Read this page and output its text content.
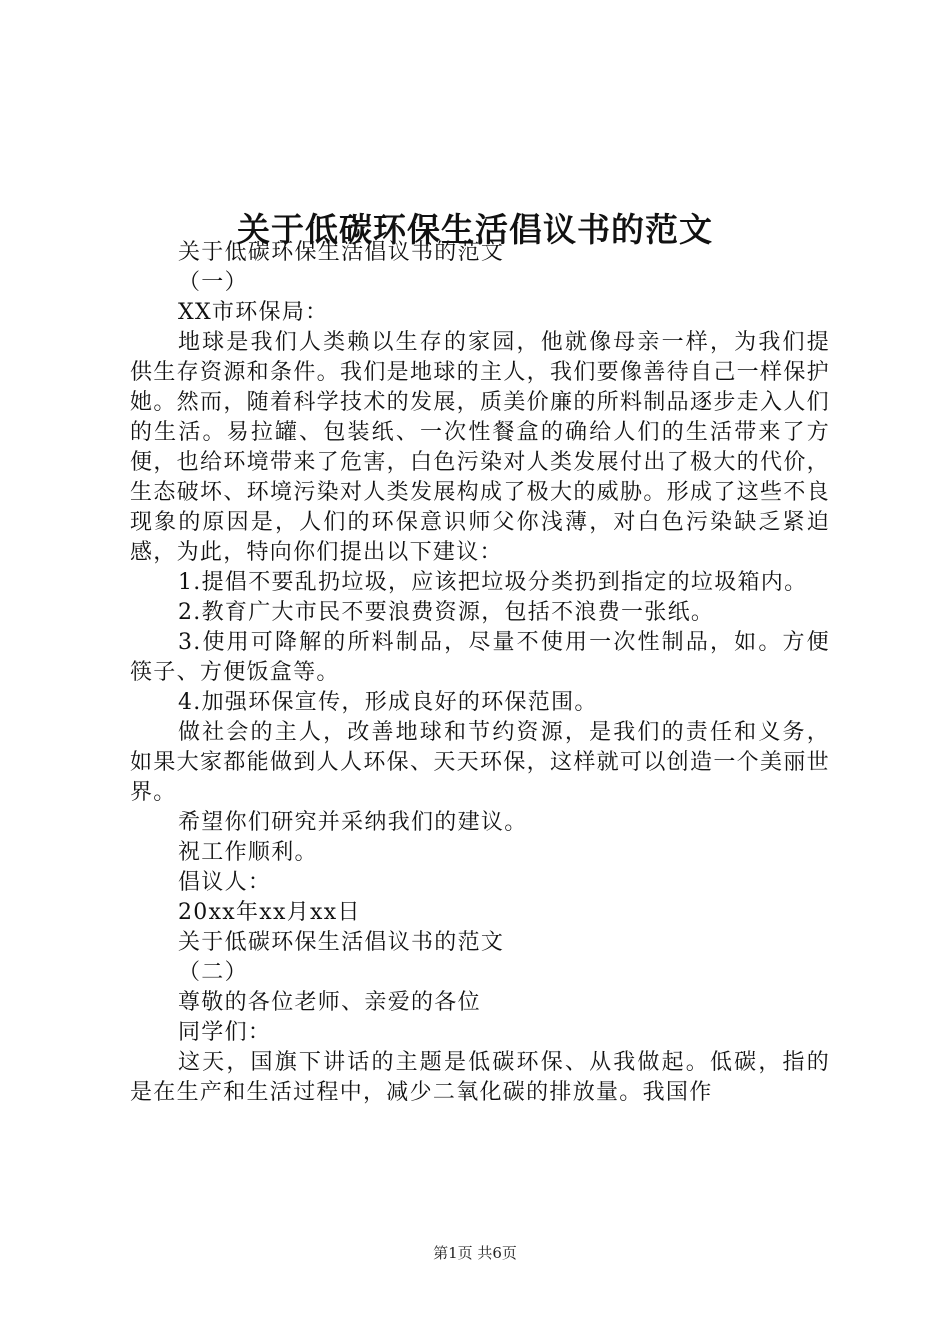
关于低碳环保生活倡议书的范文

关于低碳环保生活倡议书的范文

（一）

XX市环保局：

地球是我们人类赖以生存的家园，他就像母亲一样，为我们提供生存资源和条件。我们是地球的主人，我们要像善待自己一样保护她。然而，随着科学技术的发展，质美价廉的所料制品逐步走入人们的生活。易拉罐、包装纸、一次性餐盒的确给人们的生活带来了方便，也给环境带来了危害，白色污染对人类发展付出了极大的代价，生态破坏、环境污染对人类发展构成了极大的威胁。形成了这些不良现象的原因是，人们的环保意识师父你浅薄，对白色污染缺乏紧迫感，为此，特向你们提出以下建议：

1.提倡不要乱扔垃圾，应该把垃圾分类扔到指定的垃圾箱内。

2.教育广大市民不要浪费资源，包括不浪费一张纸。

3.使用可降解的所料制品，尽量不使用一次性制品，如。方便筷子、方便饭盒等。

4.加强环保宣传，形成良好的环保范围。

做社会的主人，改善地球和节约资源，是我们的责任和义务，如果大家都能做到人人环保、天天环保，这样就可以创造一个美丽世界。

希望你们研究并采纳我们的建议。

祝工作顺利。

倡议人：

20xx年xx月xx日

关于低碳环保生活倡议书的范文

（二）

尊敬的各位老师、亲爱的各位

同学们：

这天，国旗下讲话的主题是低碳环保、从我做起。低碳，指的是在生产和生活过程中，减少二氧化碳的排放量。我国作

第1页 共6页
